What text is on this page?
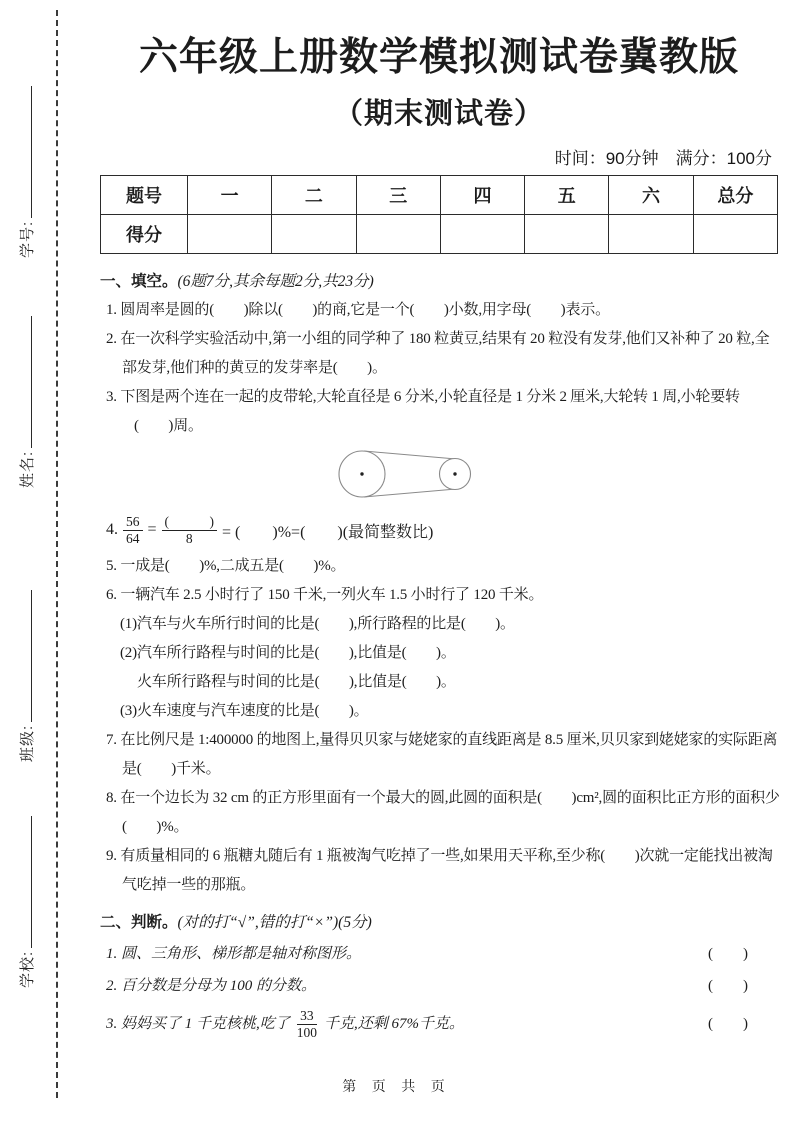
学号:
姓名:
班级:
学校:
六年级上册数学模拟测试卷冀教版
（期末测试卷）
时间：90分钟　满分：100分
题号	一	二	三	四	五	六	总分
得分							
一、填空。(6题7分,其余每题2分,共23分)
1. 圆周率是圆的(　　)除以(　　)的商,它是一个(　　)小数,用字母(　　)表示。
2. 在一次科学实验活动中,第一小组的同学种了 180 粒黄豆,结果有 20 粒没有发芽,他们又补种了 20 粒,全
部发芽,他们种的黄豆的发芽率是(　　)。
3. 下图是两个连在一起的皮带轮,大轮直径是 6 分米,小轮直径是 1 分米 2 厘米,大轮转 1 周,小轮要转
(　　)周。
4. $\frac{56}{64} = \frac{( )}{8}$ = (　　)%=(　　)(最简整数比)
5. 一成是(　　)%,二成五是(　　)%。
6. 一辆汽车 2.5 小时行了 150 千米,一列火车 1.5 小时行了 120 千米。
(1)汽车与火车所行时间的比是(　　),所行路程的比是(　　)。
(2)汽车所行路程与时间的比是(　　),比值是(　　)。
火车所行路程与时间的比是(　　),比值是(　　)。
(3)火车速度与汽车速度的比是(　　)。
7. 在比例尺是 1:400000 的地图上,量得贝贝家与姥姥家的直线距离是 8.5 厘米,贝贝家到姥姥家的实际距离
是(　　)千米。
8. 在一个边长为 32 cm 的正方形里面有一个最大的圆,此圆的面积是(　　)cm²,圆的面积比正方形的面积少
(　　)%。
9. 有质量相同的 6 瓶糖丸随后有 1 瓶被淘气吃掉了一些,如果用天平称,至少称(　　)次就一定能找出被淘
气吃掉一些的那瓶。
二、判断。(对的打“√”,错的打“×”)(5分)
1. 圆、三角形、梯形都是轴对称图形。	(　　)
2. 百分数是分母为 100 的分数。	(　　)
3. 妈妈买了 1 千克核桃,吃了 $\frac{33}{100}$ 千克,还剩 67%千克。	(　　)
第 页 共 页
